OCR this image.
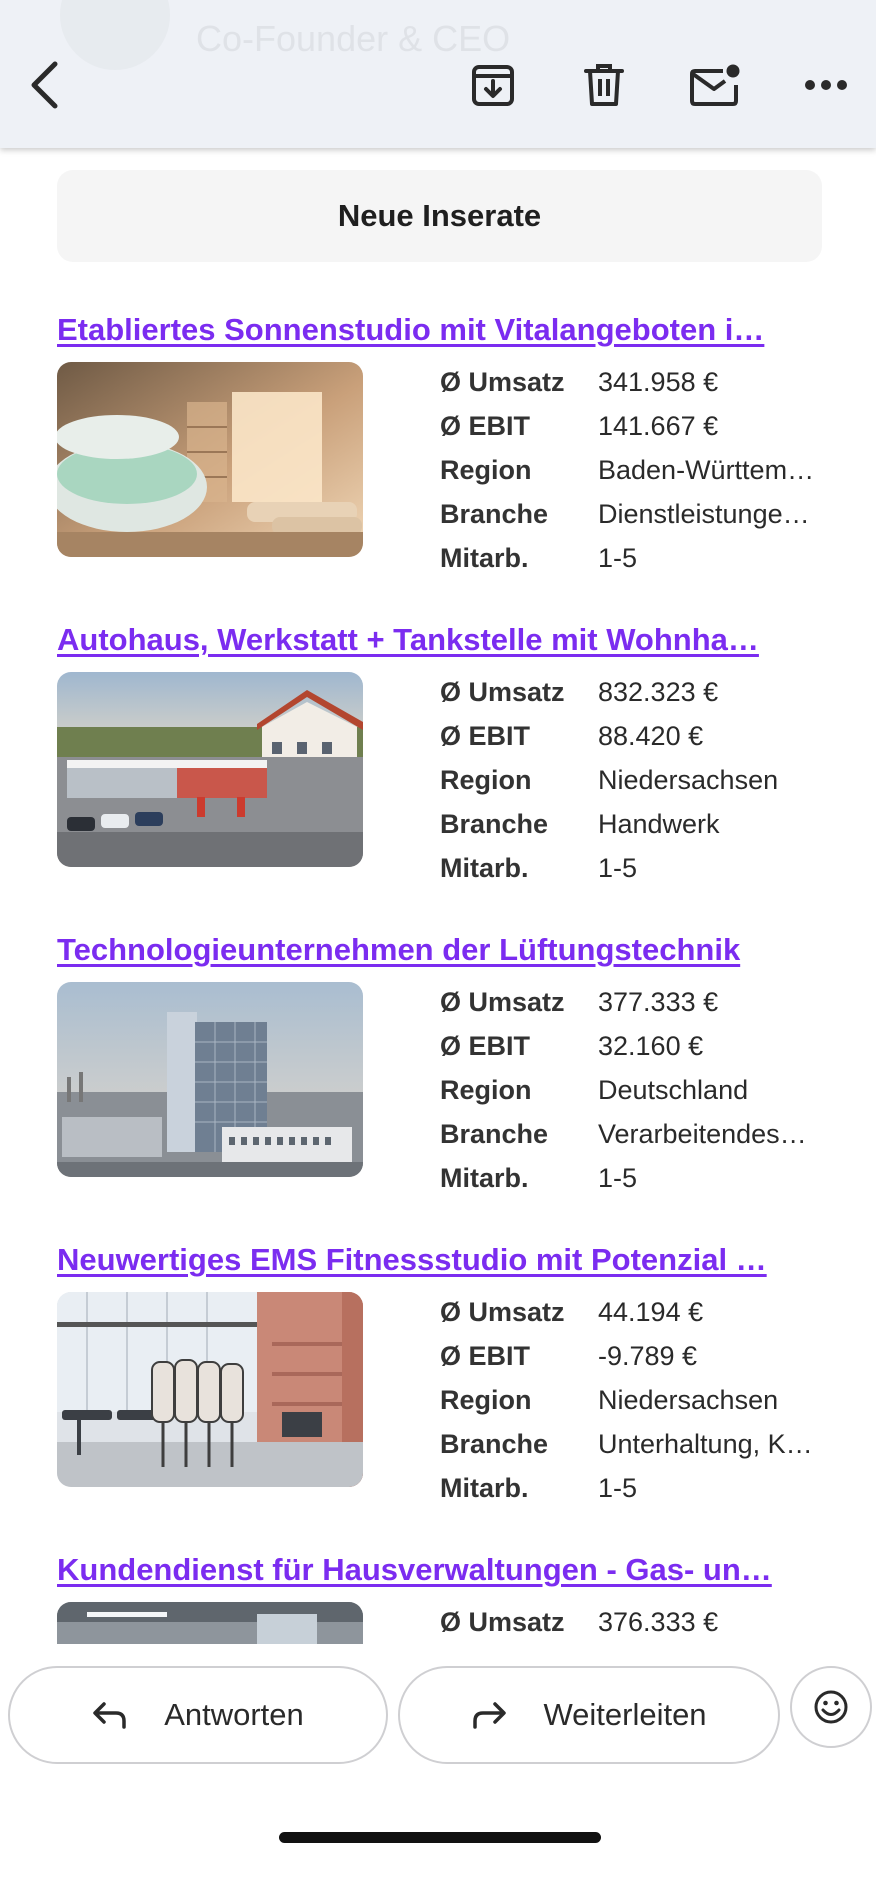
Co-Founder & CEO
Neue Inserate
Etabliertes Sonnenstudio mit Vitalangeboten i…
Ø Umsatz	341.958 €
Ø EBIT	141.667 €
Region	Baden-Württem…
Branche	Dienstleistunge…
Mitarb.	1-5
Autohaus, Werkstatt + Tankstelle mit Wohnha…
Ø Umsatz	832.323 €
Ø EBIT	88.420 €
Region	Niedersachsen
Branche	Handwerk
Mitarb.	1-5
Technologieunternehmen der Lüftungstechnik
Ø Umsatz	377.333 €
Ø EBIT	32.160 €
Region	Deutschland
Branche	Verarbeitendes…
Mitarb.	1-5
Neuwertiges EMS Fitnessstudio mit Potenzial …
Ø Umsatz	44.194 €
Ø EBIT	-9.789 €
Region	Niedersachsen
Branche	Unterhaltung, K…
Mitarb.	1-5
Kundendienst für Hausverwaltungen - Gas- un…
Ø Umsatz	376.333 €
Antworten	Weiterleiten
